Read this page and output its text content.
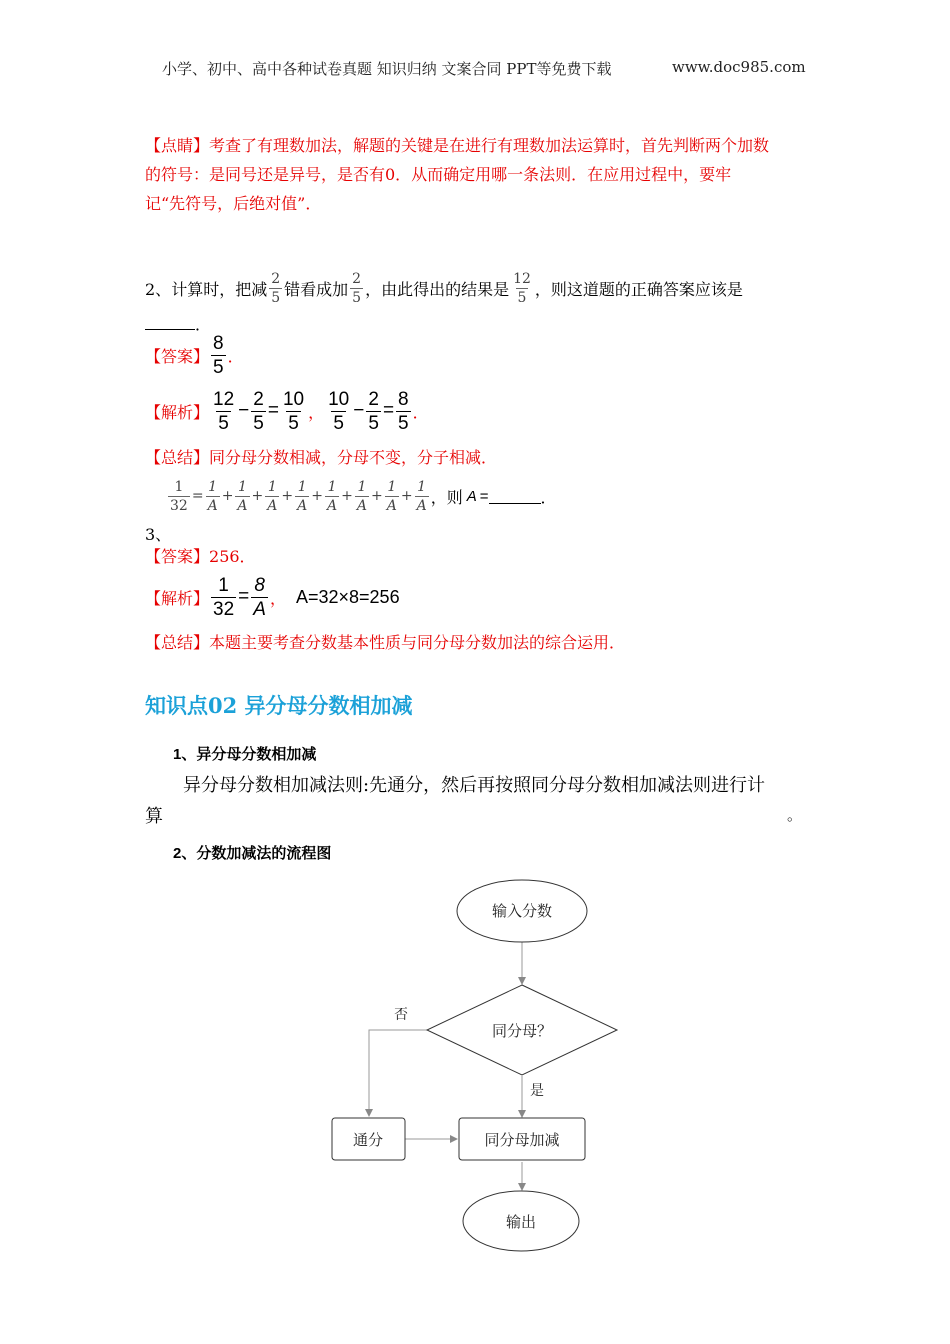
小学、初中、高中各种试卷真题 知识归纳 文案合同 PPT等免费下载	www.doc985.com
【点睛】考查了有理数加法，解题的关键是在进行有理数加法运算时，首先判断两个加数
的符号：是同号还是异号，是否有0．从而确定用哪一条法则．在应用过程中，要牢
记“先符号，后绝对值”．
2、 计算时，把减 $\frac{2}{5}$ 错看成加 $\frac{2}{5}$ ，由此得出的结果是 $\frac{12}{5}$ ，则这道题的正确答案应该是
．
【答案】 $\frac{8}{5}$ ．
【解析】 $\frac{12}{5} - \frac{2}{5} = \frac{10}{5}$ ， $\frac{10}{5} - \frac{2}{5} = \frac{8}{5}$ ．
【总结】同分母分数相减，分母不变，分子相减．
$\frac{1}{32} = \frac{1}{A} + \frac{1}{A} + \frac{1}{A} + \frac{1}{A} + \frac{1}{A} + \frac{1}{A} + \frac{1}{A} + \frac{1}{A}$ ，则 A =	．
3、
【答案】256．
【解析】 $\frac{1}{32} = \frac{8}{A}$ ， A=32×8=256
【总结】本题主要考查分数基本性质与同分母分数加法的综合运用．
知识点02 异分母分数相加减
1、异分母分数相加减
异分母分数相加减法则:先通分，然后再按照同分母分数相加减法则进行计
算	。
2、分数加减法的流程图
输入分数
同分母？
否
是
通分	同分母加减
输出
